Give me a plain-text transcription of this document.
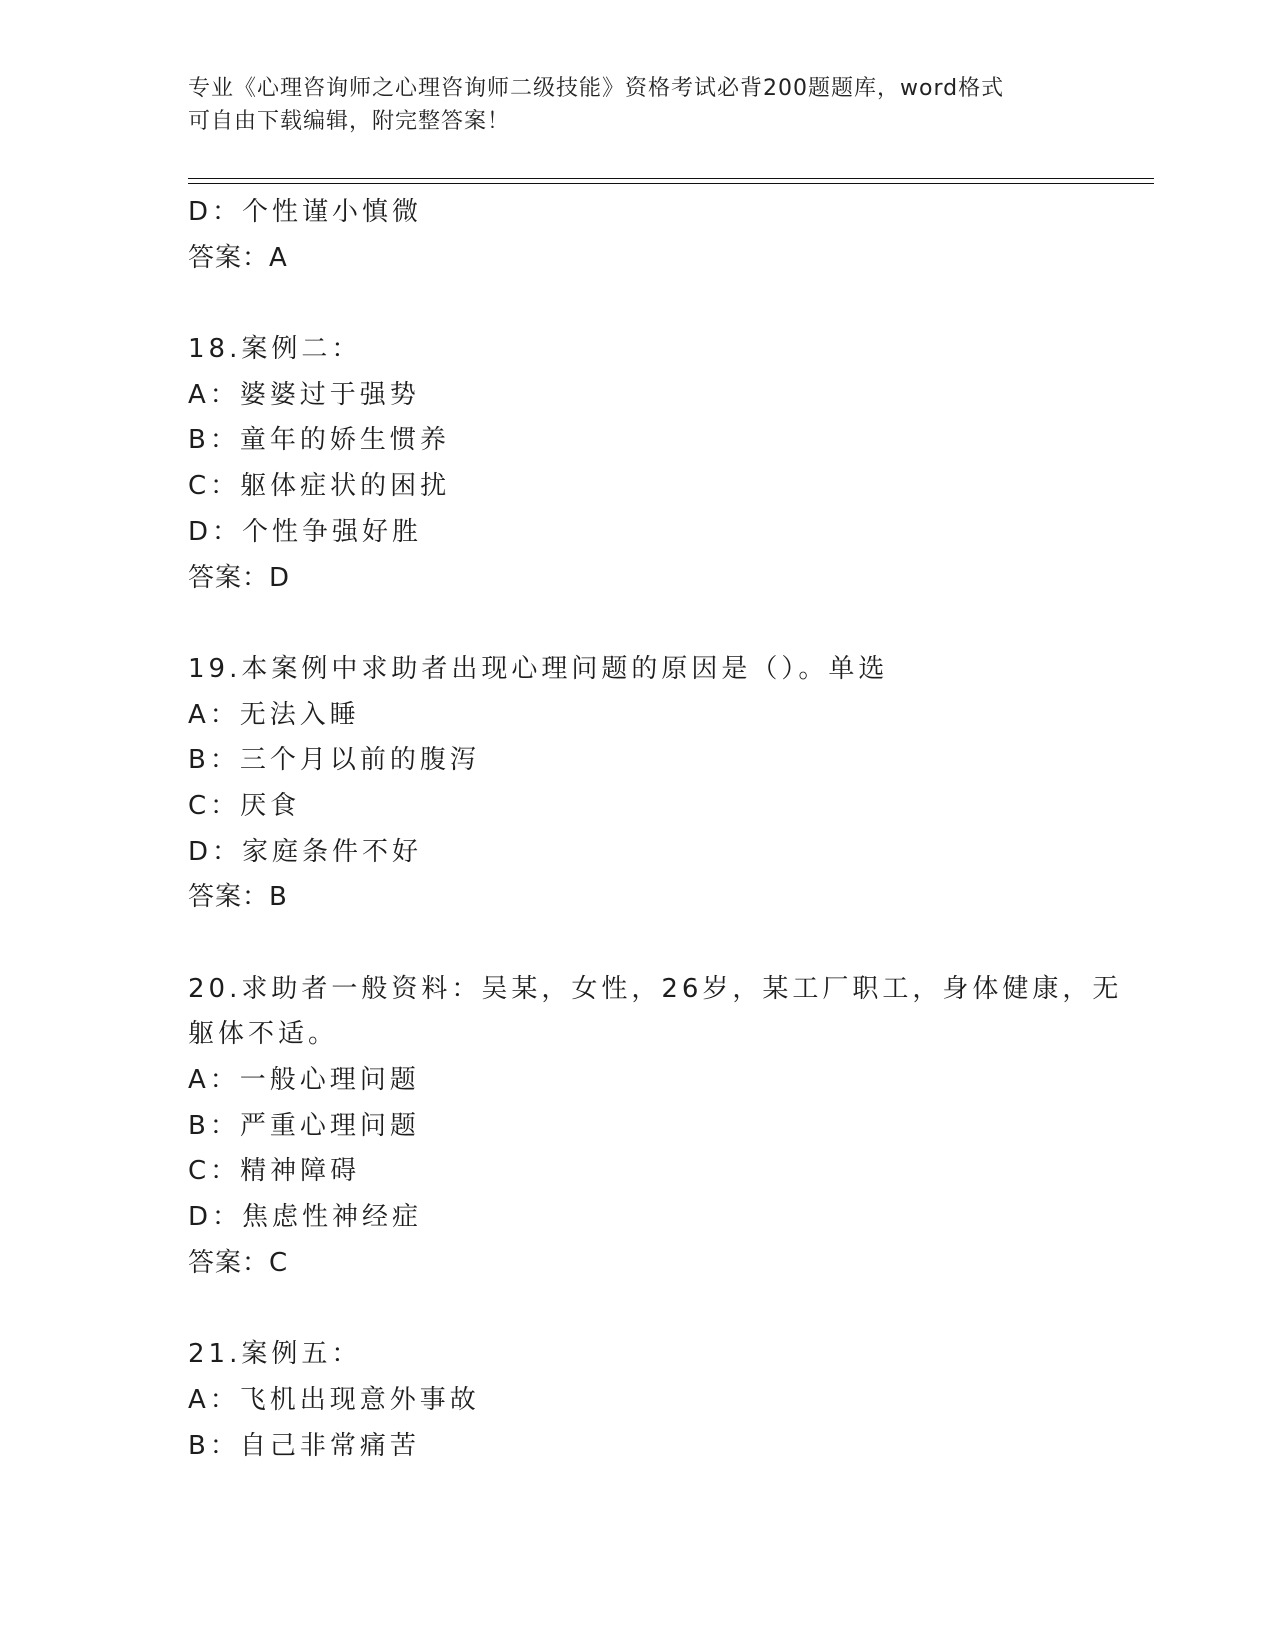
专业《心理咨询师之心理咨询师二级技能》资格考试必背200题题库，word格式
可自由下载编辑，附完整答案！
D：个性谨小慎微
答案：A
18.案例二：
A：婆婆过于强势
B：童年的娇生惯养
C：躯体症状的困扰
D：个性争强好胜
答案：D
19.本案例中求助者出现心理问题的原因是（）。单选
A：无法入睡
B：三个月以前的腹泻
C：厌食
D：家庭条件不好
答案：B
20.求助者一般资料：吴某，女性，26岁，某工厂职工，身体健康，无
躯体不适。
A：一般心理问题
B：严重心理问题
C：精神障碍
D：焦虑性神经症
答案：C
21.案例五：
A：飞机出现意外事故
B：自己非常痛苦
